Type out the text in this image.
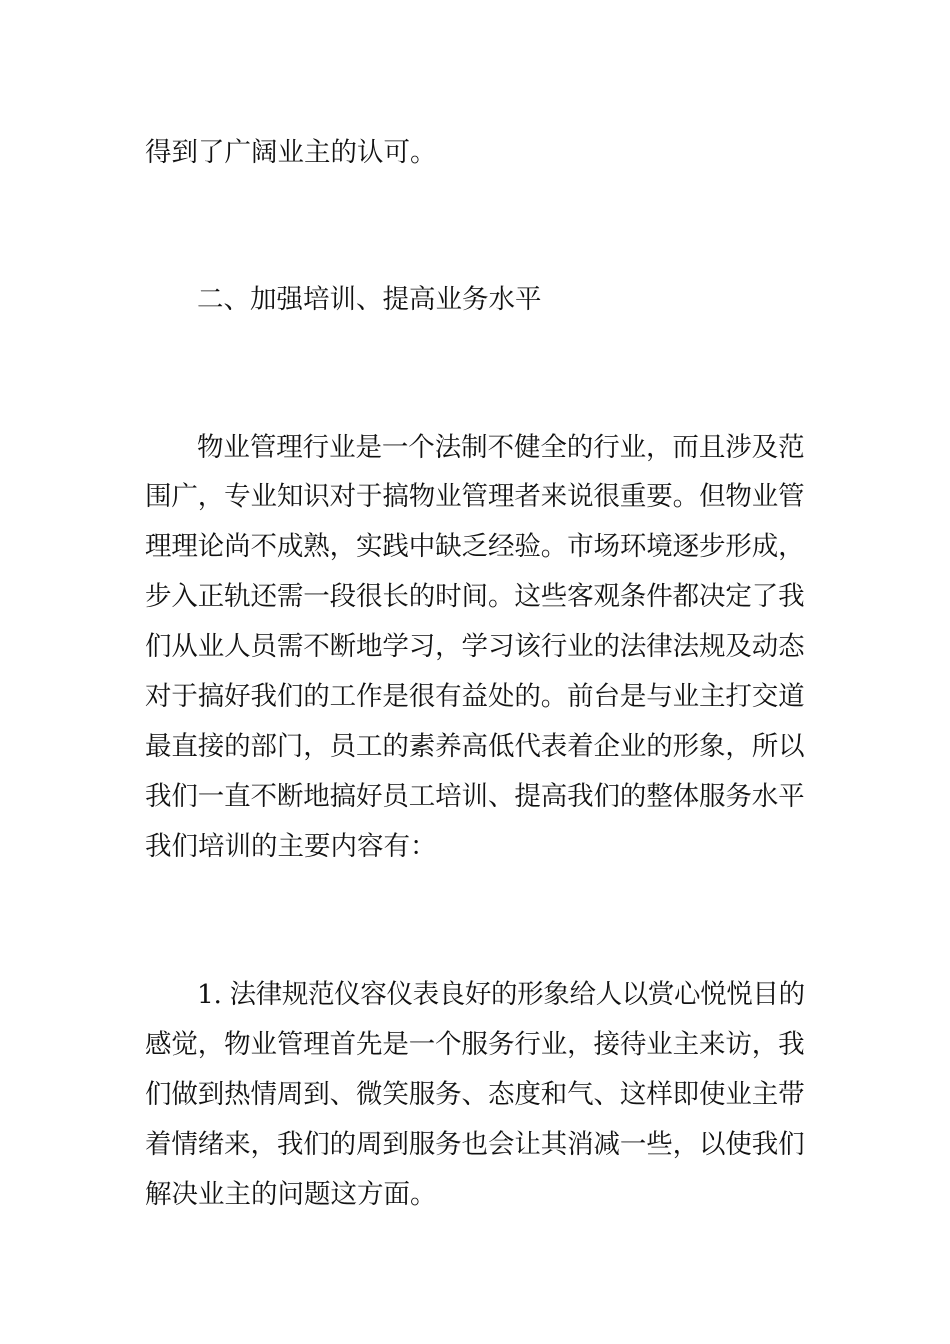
得到了广阔业主的认可。

二、加强培训、提高业务水平

物业管理行业是一个法制不健全的行业，而且涉及范

围广，专业知识对于搞物业管理者来说很重要。但物业管

理理论尚不成熟，实践中缺乏经验。市场环境逐步形成，

步入正轨还需一段很长的时间。这些客观条件都决定了我

们从业人员需不断地学习，学习该行业的法律法规及动态

对于搞好我们的工作是很有益处的。前台是与业主打交道

最直接的部门，员工的素养高低代表着企业的形象，所以

我们一直不断地搞好员工培训、提高我们的整体服务水平

我们培训的主要内容有：

1. 法律规范仪容仪表良好的形象给人以赏心悦悦目的

感觉，物业管理首先是一个服务行业，接待业主来访，我

们做到热情周到、微笑服务、态度和气、这样即使业主带

着情绪来，我们的周到服务也会让其消减一些，以使我们

解决业主的问题这方面。
